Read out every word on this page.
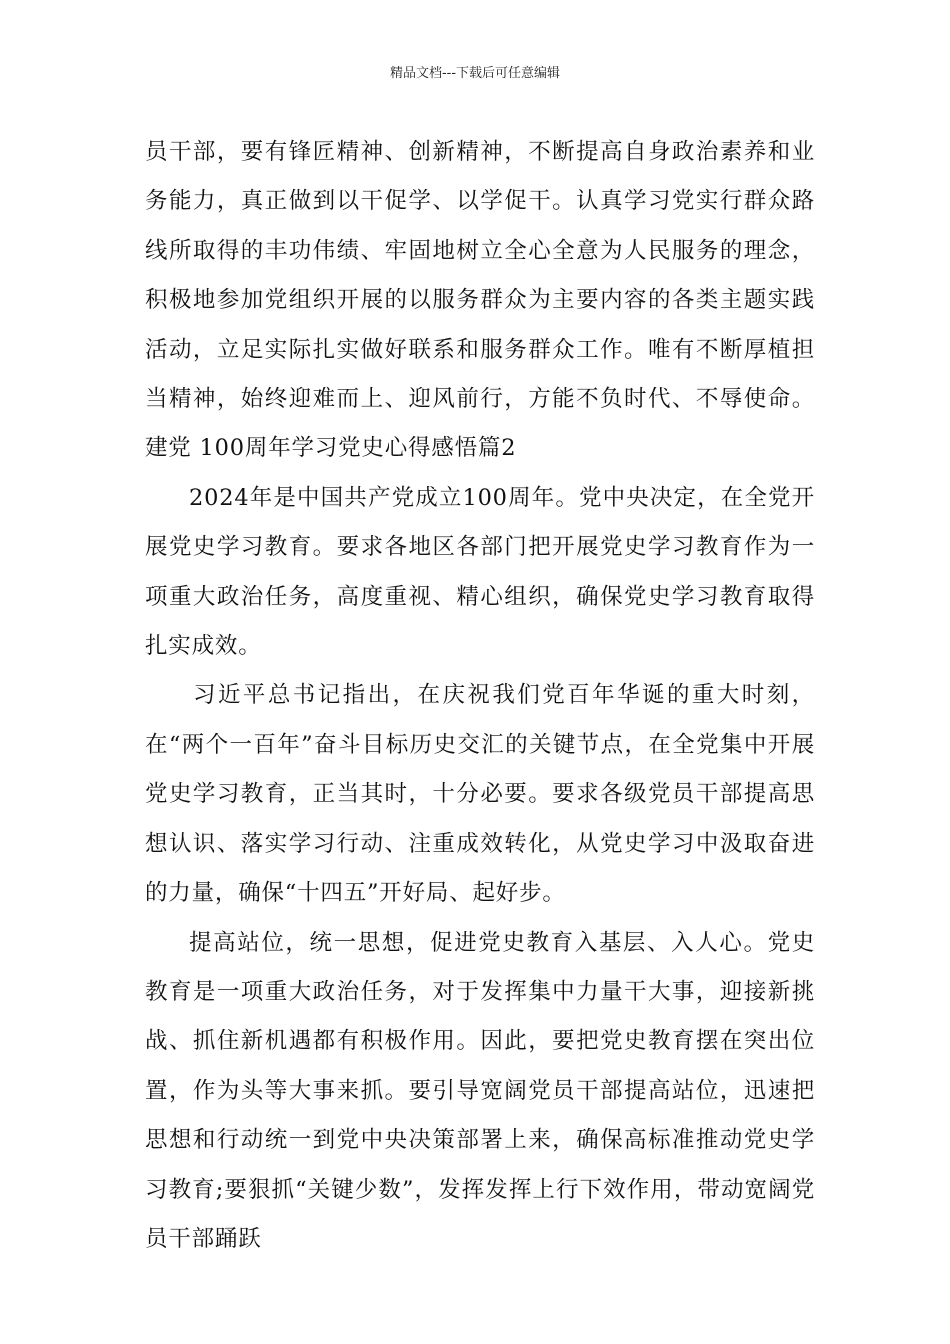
精品文档---下载后可任意编辑

员干部，要有锋匠精神、创新精神，不断提高自身政治素养和业务能力，真正做到以干促学、以学促干。认真学习党实行群众路线所取得的丰功伟绩、牢固地树立全心全意为人民服务的理念，积极地参加党组织开展的以服务群众为主要内容的各类主题实践活动，立足实际扎实做好联系和服务群众工作。唯有不断厚植担当精神，始终迎难而上、迎风前行，方能不负时代、不辱使命。建党 100周年学习党史心得感悟篇2

2024年是中国共产党成立100周年。党中央决定，在全党开展党史学习教育。要求各地区各部门把开展党史学习教育作为一项重大政治任务，高度重视、精心组织，确保党史学习教育取得扎实成效。

习近平总书记指出，在庆祝我们党百年华诞的重大时刻，在“两个一百年”奋斗目标历史交汇的关键节点，在全党集中开展党史学习教育，正当其时，十分必要。要求各级党员干部提高思想认识、落实学习行动、注重成效转化，从党史学习中汲取奋进的力量，确保“十四五”开好局、起好步。

提高站位，统一思想，促进党史教育入基层、入人心。党史教育是一项重大政治任务，对于发挥集中力量干大事，迎接新挑战、抓住新机遇都有积极作用。因此，要把党史教育摆在突出位置，作为头等大事来抓。要引导宽阔党员干部提高站位，迅速把思想和行动统一到党中央决策部署上来，确保高标准推动党史学习教育;要狠抓“关键少数”，发挥发挥上行下效作用，带动宽阔党员干部踊跃
